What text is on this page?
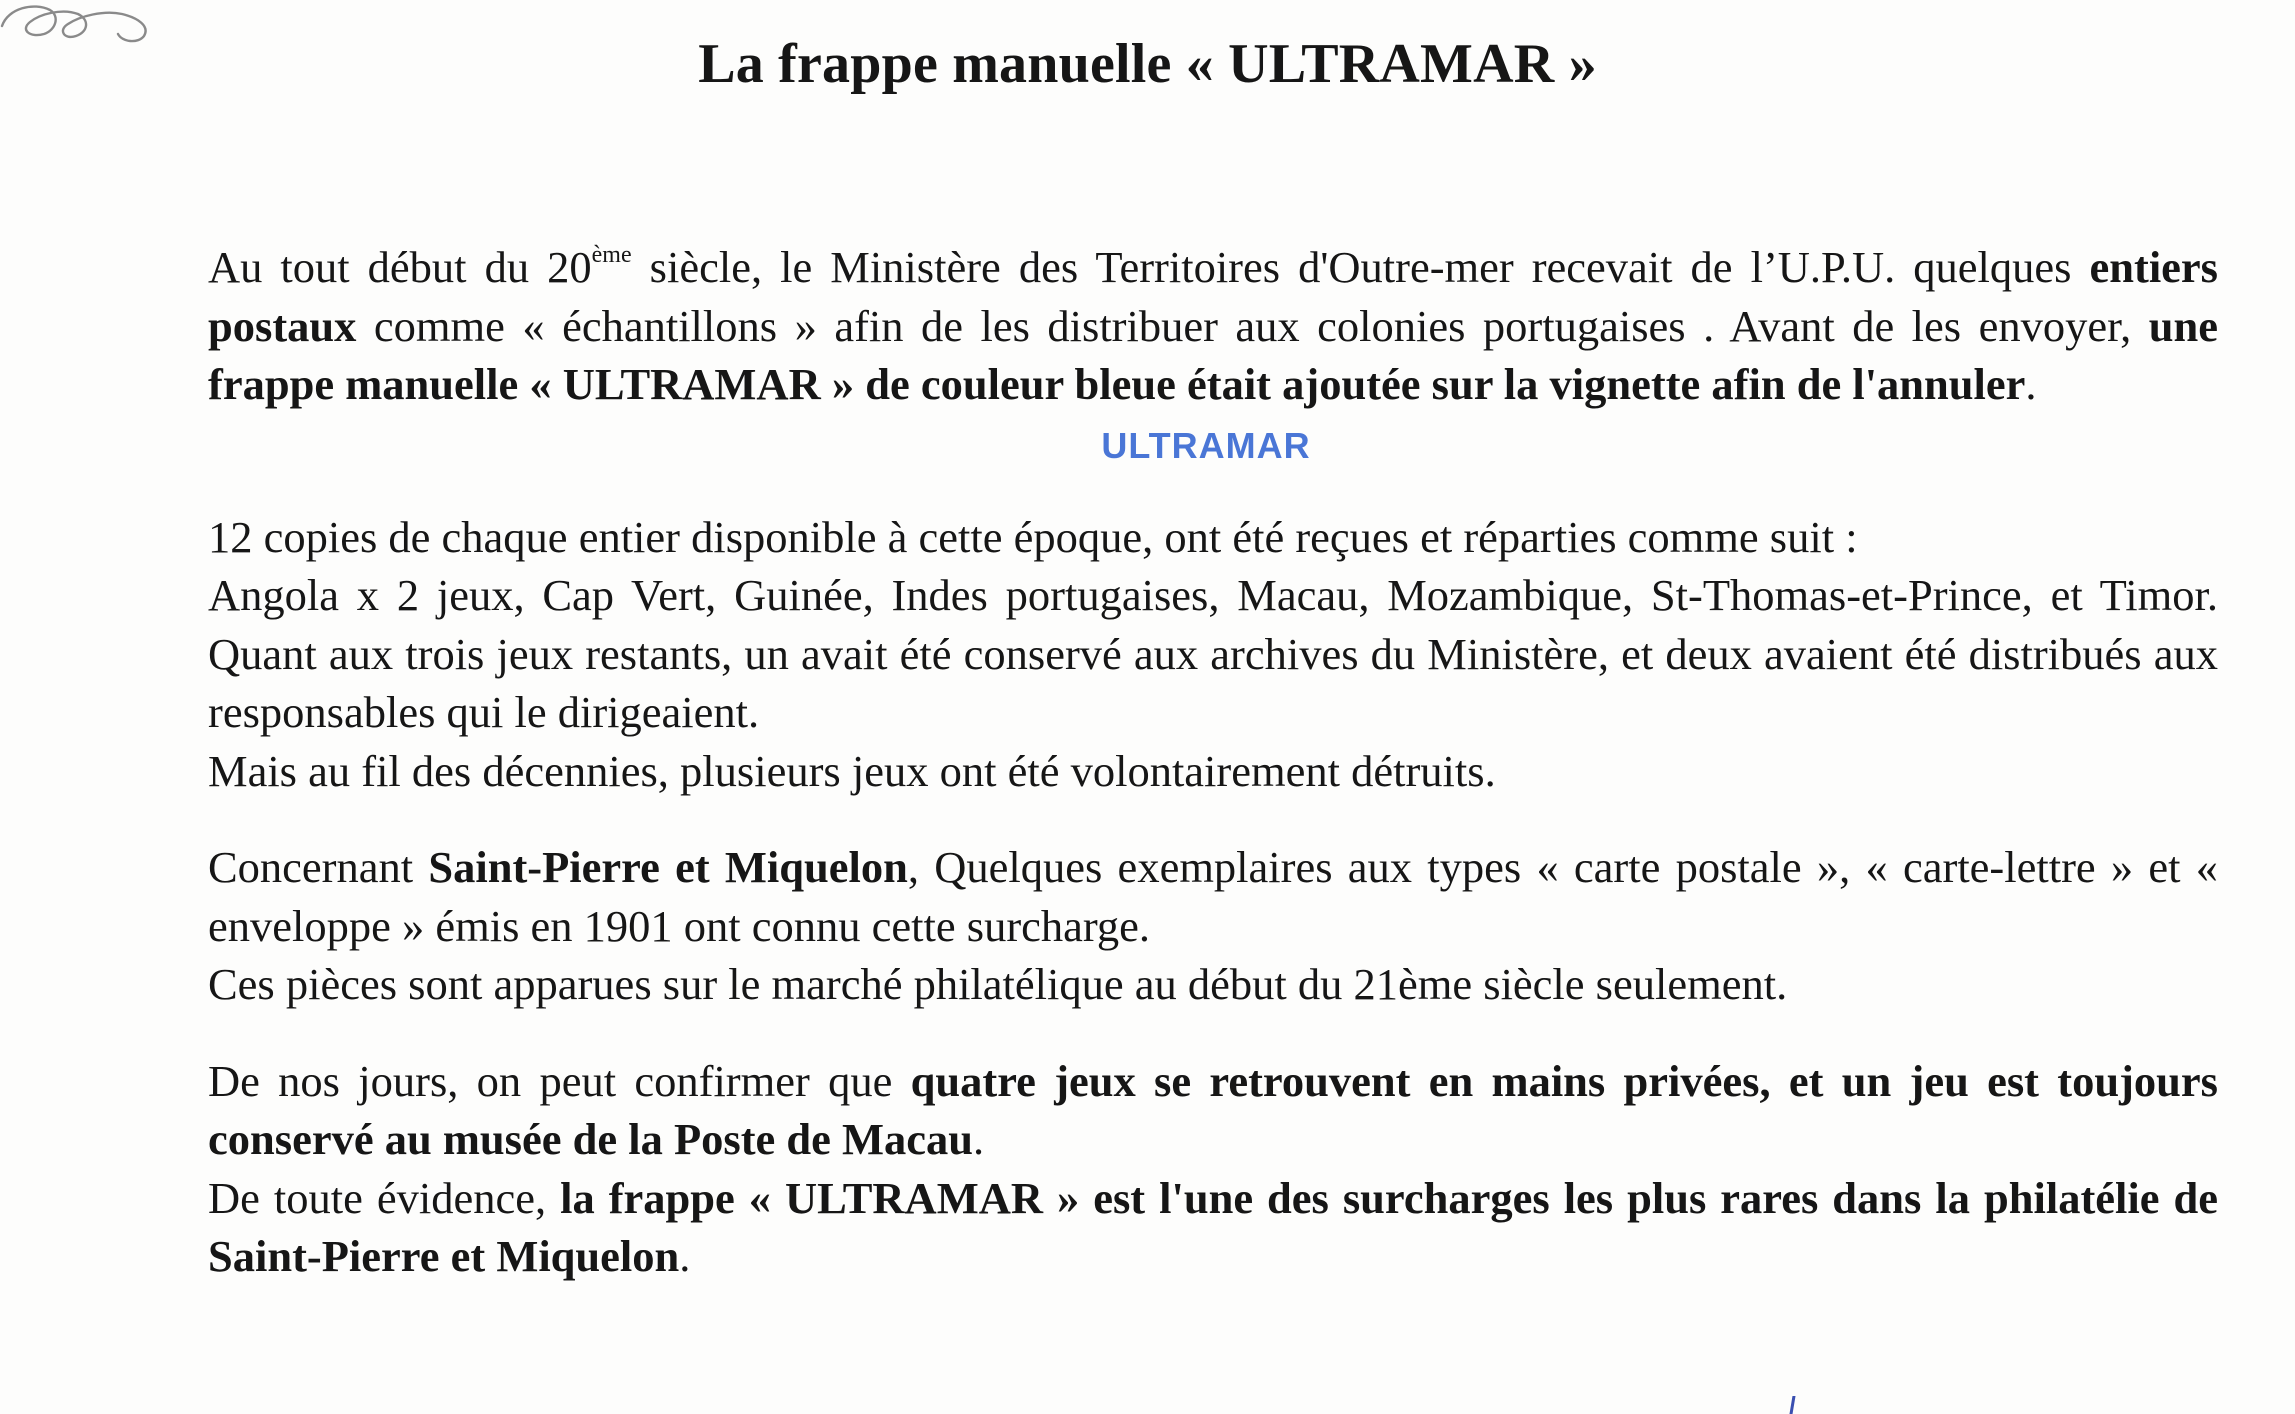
La frappe manuelle « ULTRAMAR »

Au tout début du 20ème siècle, le Ministère des Territoires d'Outre-mer recevait de l’U.P.U. quelques entiers postaux comme « échantillons » afin de les distribuer aux colonies portugaises . Avant de les envoyer, une frappe manuelle « ULTRAMAR » de couleur bleue était ajoutée sur la vignette afin de l'annuler.

ULTRAMAR

12 copies de chaque entier disponible à cette époque, ont été reçues et réparties comme suit :

Angola x 2 jeux, Cap Vert, Guinée, Indes portugaises, Macau, Mozambique, St-Thomas-et-Prince, et Timor. Quant aux trois jeux restants, un avait été conservé aux archives du Ministère, et deux avaient été distribués aux responsables qui le dirigeaient.

Mais au fil des décennies, plusieurs jeux ont été volontairement détruits.

Concernant Saint-Pierre et Miquelon, Quelques exemplaires aux types « carte postale », « carte-lettre » et « enveloppe » émis en 1901 ont connu cette surcharge.

Ces pièces sont apparues sur le marché philatélique au début du 21ème siècle seulement.

De nos jours, on peut confirmer que quatre jeux se retrouvent en mains privées, et un jeu est toujours conservé au musée de la Poste de Macau.

De toute évidence, la frappe « ULTRAMAR » est l'une des surcharges les plus rares dans la philatélie de Saint-Pierre et Miquelon.
